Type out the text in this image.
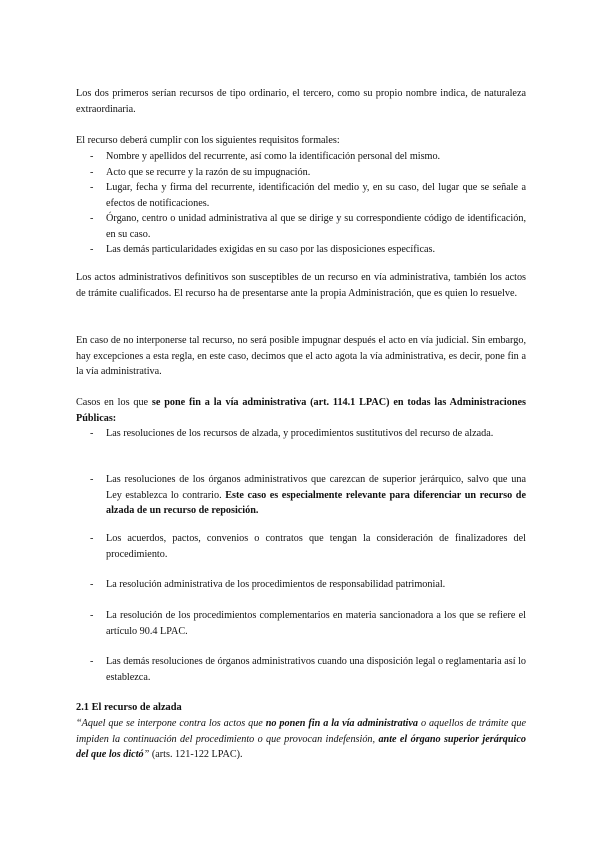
Los dos primeros serían recursos de tipo ordinario, el tercero, como su propio nombre indica, de naturaleza extraordinaria.

El recurso deberá cumplir con los siguientes requisitos formales:

- Nombre y apellidos del recurrente, así como la identificación personal del mismo.
- Acto que se recurre y la razón de su impugnación.
- Lugar, fecha y firma del recurrente, identificación del medio y, en su caso, del lugar que se señale a efectos de notificaciones.
- Órgano, centro o unidad administrativa al que se dirige y su correspondiente código de identificación, en su caso.
- Las demás particularidades exigidas en su caso por las disposiciones específicas.

Los actos administrativos definitivos son susceptibles de un recurso en vía administrativa, también los actos de trámite cualificados. El recurso ha de presentarse ante la propia Administración, que es quien lo resuelve.

En caso de no interponerse tal recurso, no será posible impugnar después el acto en vía judicial. Sin embargo, hay excepciones a esta regla, en este caso, decimos que el acto agota la vía administrativa, es decir, pone fin a la vía administrativa.

Casos en los que se pone fin a la vía administrativa (art. 114.1 LPAC) en todas las Administraciones Públicas:

- Las resoluciones de los recursos de alzada, y procedimientos sustitutivos del recurso de alzada.
- Las resoluciones de los órganos administrativos que carezcan de superior jerárquico, salvo que una Ley establezca lo contrario. Este caso es especialmente relevante para diferenciar un recurso de alzada de un recurso de reposición.
- Los acuerdos, pactos, convenios o contratos que tengan la consideración de finalizadores del procedimiento.
- La resolución administrativa de los procedimientos de responsabilidad patrimonial.
- La resolución de los procedimientos complementarios en materia sancionadora a los que se refiere el artículo 90.4 LPAC.
- Las demás resoluciones de órganos administrativos cuando una disposición legal o reglamentaria así lo establezca.
2.1 El recurso de alzada

“Aquel que se interpone contra los actos que no ponen fin a la vía administrativa o aquellos de trámite que impiden la continuación del procedimiento o que provocan indefensión, ante el órgano superior jerárquico del que los dictó” (arts. 121-122 LPAC).
